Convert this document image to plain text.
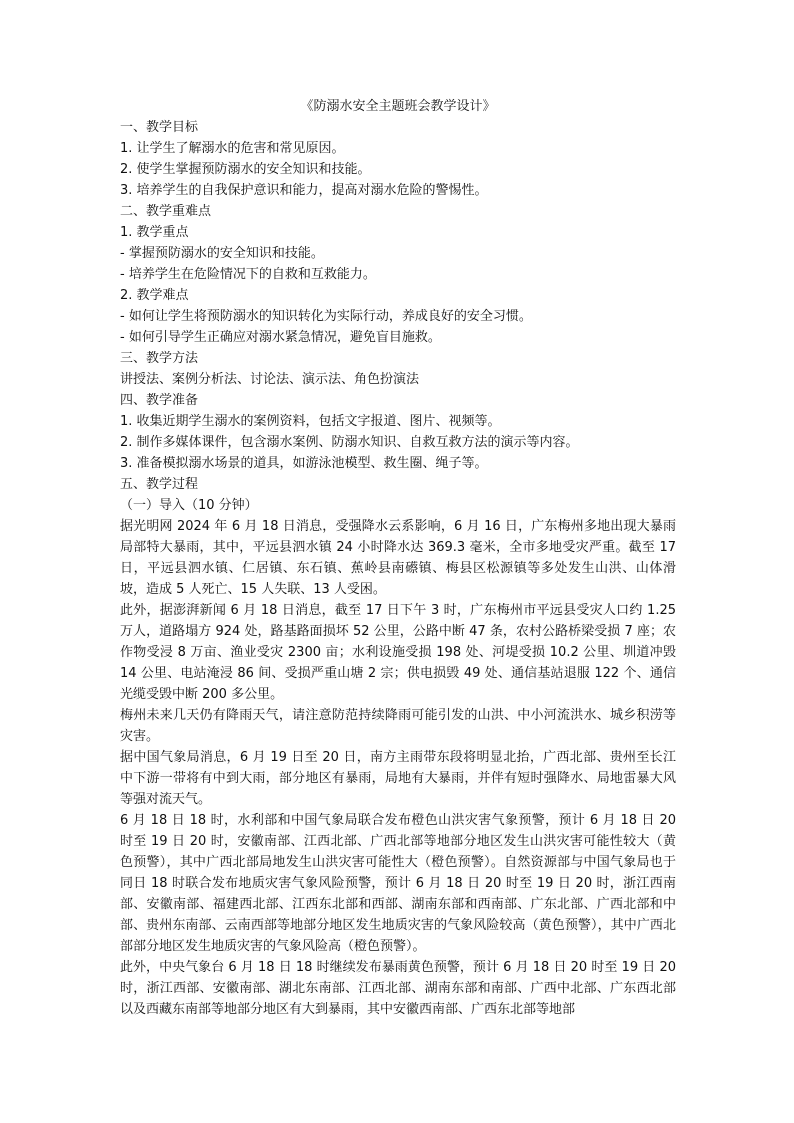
《防溺水安全主题班会教学设计》

一、教学目标

1. 让学生了解溺水的危害和常见原因。

2. 使学生掌握预防溺水的安全知识和技能。

3. 培养学生的自我保护意识和能力，提高对溺水危险的警惕性。

二、教学重难点

1. 教学重点

- 掌握预防溺水的安全知识和技能。

- 培养学生在危险情况下的自救和互救能力。

2. 教学难点

- 如何让学生将预防溺水的知识转化为实际行动，养成良好的安全习惯。

- 如何引导学生正确应对溺水紧急情况，避免盲目施救。

三、教学方法

讲授法、案例分析法、讨论法、演示法、角色扮演法

四、教学准备

1. 收集近期学生溺水的案例资料，包括文字报道、图片、视频等。

2. 制作多媒体课件，包含溺水案例、防溺水知识、自救互救方法的演示等内容。

3. 准备模拟溺水场景的道具，如游泳池模型、救生圈、绳子等。

五、教学过程

（一）导入（10 分钟）

据光明网 2024 年 6 月 18 日消息，受强降水云系影响，6 月 16 日，广东梅州多地出现大暴雨局部特大暴雨，其中，平远县泗水镇 24 小时降水达 369.3 毫米，全市多地受灾严重。截至 17 日，平远县泗水镇、仁居镇、东石镇、蕉岭县南礤镇、梅县区松源镇等多处发生山洪、山体滑坡，造成 5 人死亡、15 人失联、13 人受困。

此外，据澎湃新闻 6 月 18 日消息，截至 17 日下午 3 时，广东梅州市平远县受灾人口约 1.25 万人，道路塌方 924 处，路基路面损坏 52 公里，公路中断 47 条，农村公路桥梁受损 7 座；农作物受浸 8 万亩、渔业受灾 2300 亩；水利设施受损 198 处、河堤受损 10.2 公里、圳道冲毁 14 公里、电站淹浸 86 间、受损严重山塘 2 宗；供电损毁 49 处、通信基站退服 122 个、通信光缆受毁中断 200 多公里。

梅州未来几天仍有降雨天气，请注意防范持续降雨可能引发的山洪、中小河流洪水、城乡积涝等灾害。

据中国气象局消息，6 月 19 日至 20 日，南方主雨带东段将明显北抬，广西北部、贵州至长江中下游一带将有中到大雨，部分地区有暴雨，局地有大暴雨，并伴有短时强降水、局地雷暴大风等强对流天气。

6 月 18 日 18 时，水利部和中国气象局联合发布橙色山洪灾害气象预警，预计 6 月 18 日 20 时至 19 日 20 时，安徽南部、江西北部、广西北部等地部分地区发生山洪灾害可能性较大（黄色预警），其中广西北部局地发生山洪灾害可能性大（橙色预警）。自然资源部与中国气象局也于同日 18 时联合发布地质灾害气象风险预警，预计 6 月 18 日 20 时至 19 日 20 时，浙江西南部、安徽南部、福建西北部、江西东北部和西部、湖南东部和西南部、广东北部、广西北部和中部、贵州东南部、云南西部等地部分地区发生地质灾害的气象风险较高（黄色预警），其中广西北部部分地区发生地质灾害的气象风险高（橙色预警）。

此外，中央气象台 6 月 18 日 18 时继续发布暴雨黄色预警，预计 6 月 18 日 20 时至 19 日 20 时，浙江西部、安徽南部、湖北东南部、江西北部、湖南东部和南部、广西中北部、广东西北部以及西藏东南部等地部分地区有大到暴雨，其中安徽西南部、广西东北部等地部
